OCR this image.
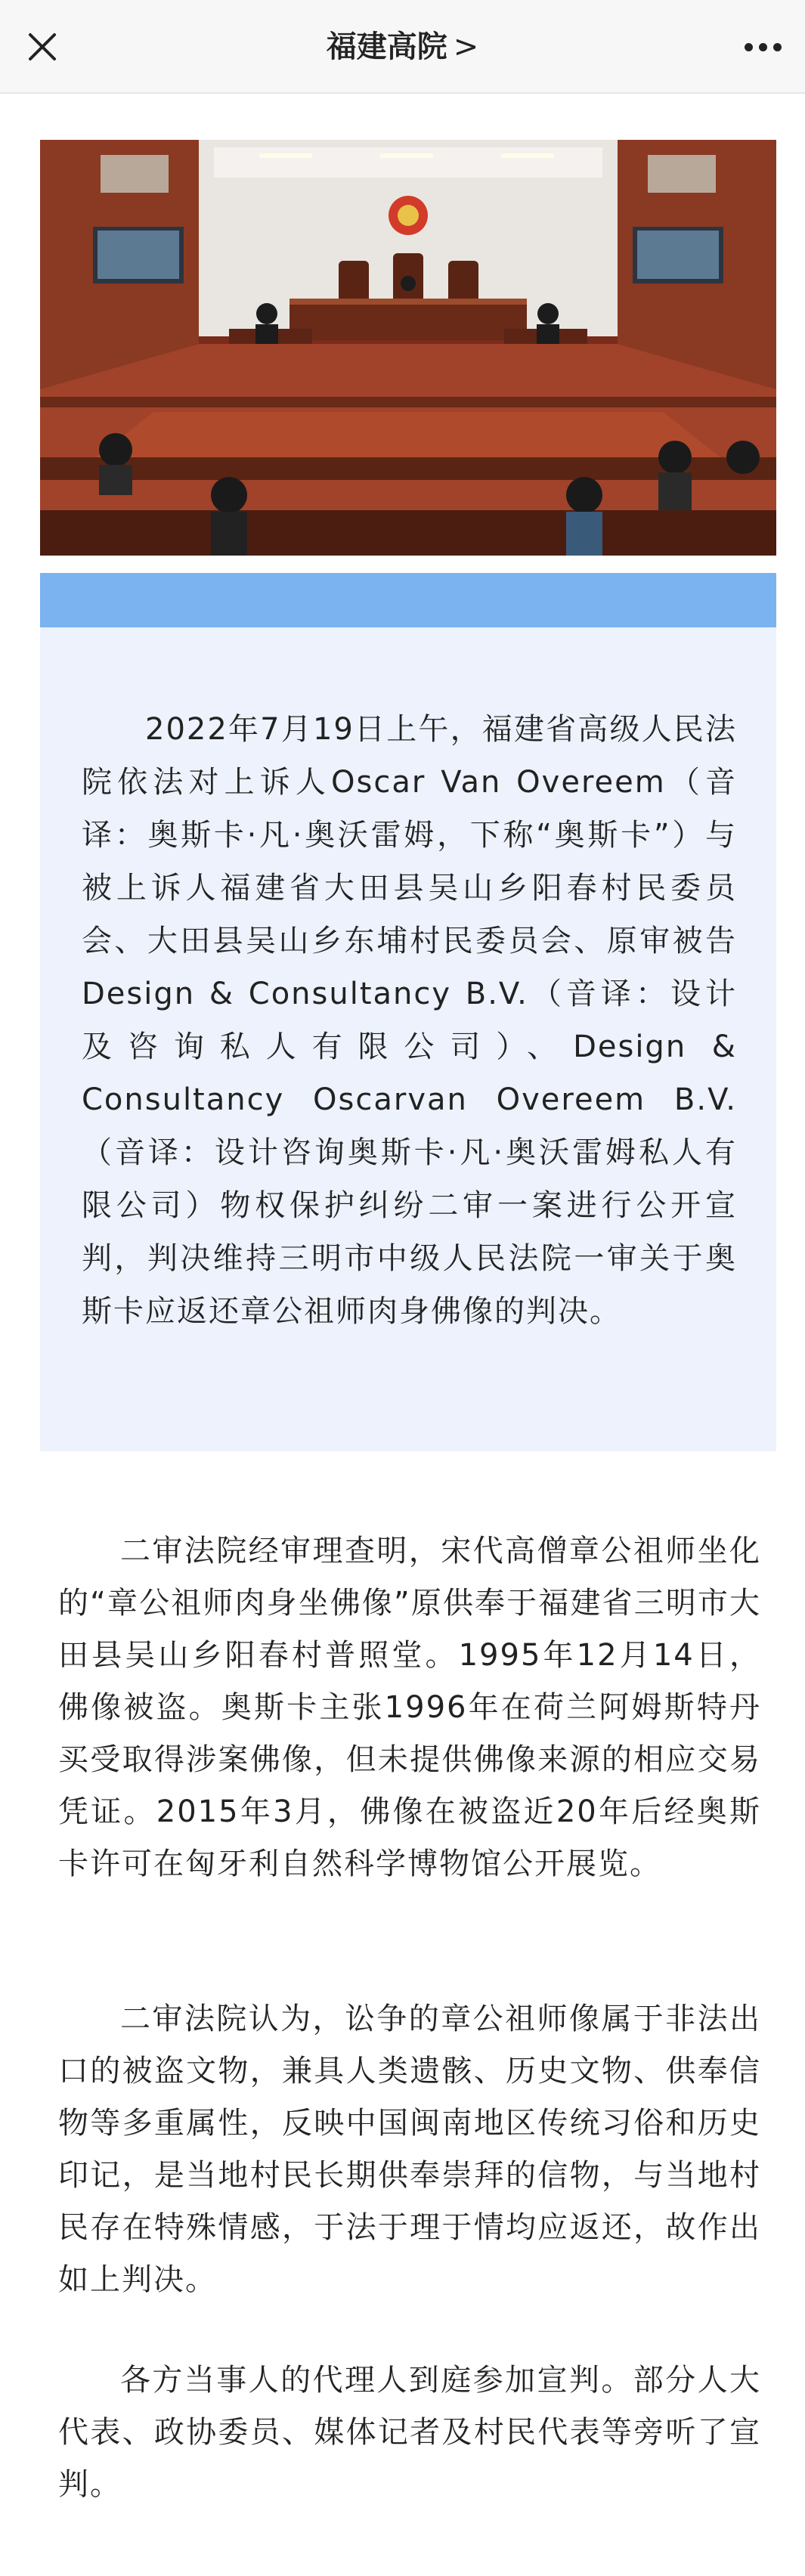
福建高院 >

2022年7月19日上午，福建省高级人民法院依法对上诉人Oscar Van Overeem（音译：奥斯卡·凡·奥沃雷姆，下称“奥斯卡”）与被上诉人福建省大田县吴山乡阳春村民委员会、大田县吴山乡东埔村民委员会、原审被告Design & Consultancy B.V.（音译：设计及咨询私人有限公司）、Design & Consultancy Oscarvan Overeem B.V.（音译：设计咨询奥斯卡·凡·奥沃雷姆私人有限公司）物权保护纠纷二审一案进行公开宣判，判决维持三明市中级人民法院一审关于奥斯卡应返还章公祖师肉身佛像的判决。

二审法院经审理查明，宋代高僧章公祖师坐化的“章公祖师肉身坐佛像”原供奉于福建省三明市大田县吴山乡阳春村普照堂。1995年12月14日，佛像被盗。奥斯卡主张1996年在荷兰阿姆斯特丹买受取得涉案佛像，但未提供佛像来源的相应交易凭证。2015年3月，佛像在被盗近20年后经奥斯卡许可在匈牙利自然科学博物馆公开展览。

二审法院认为，讼争的章公祖师像属于非法出口的被盗文物，兼具人类遗骸、历史文物、供奉信物等多重属性，反映中国闽南地区传统习俗和历史印记，是当地村民长期供奉崇拜的信物，与当地村民存在特殊情感，于法于理于情均应返还，故作出如上判决。

各方当事人的代理人到庭参加宣判。部分人大代表、政协委员、媒体记者及村民代表等旁听了宣判。
